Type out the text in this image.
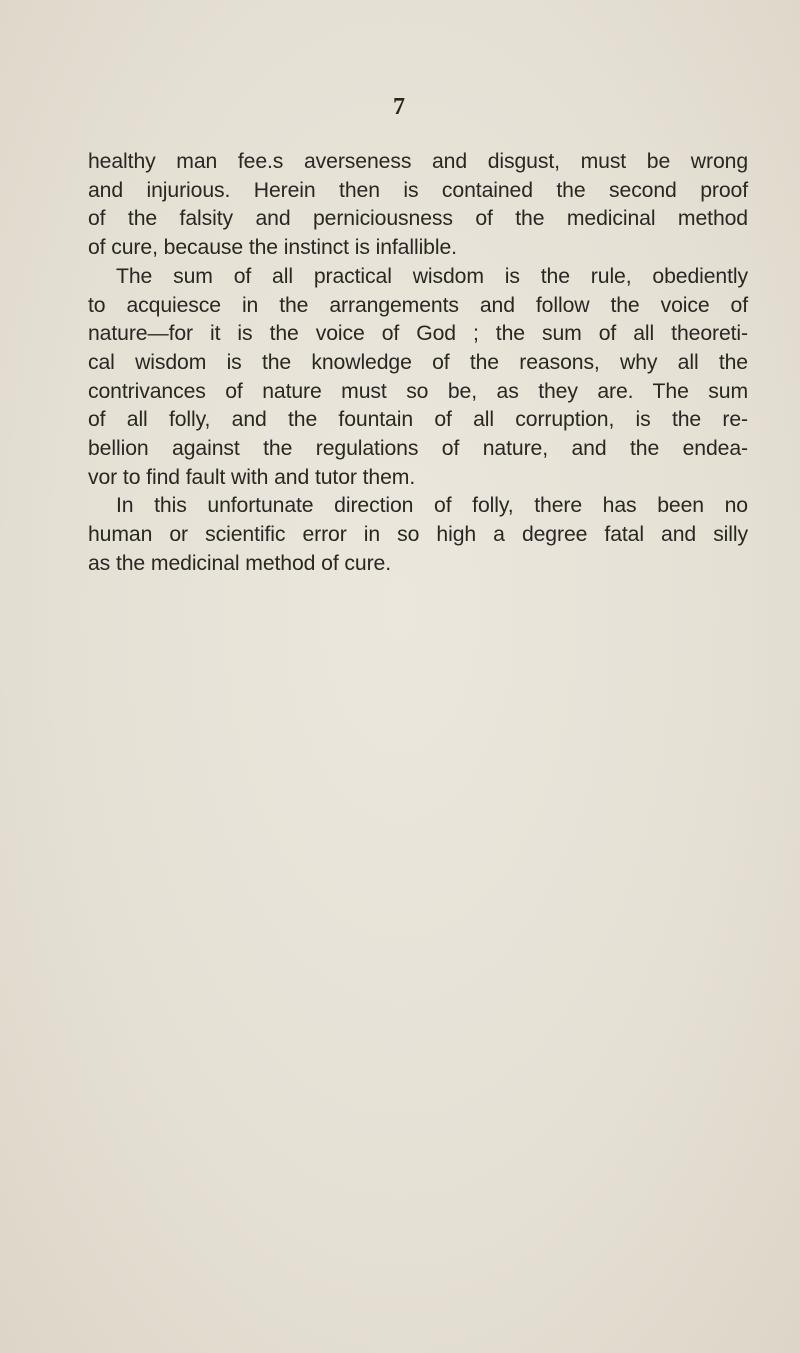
7
healthy man fee.s averseness and disgust, must be wrong
and injurious. Herein then is contained the second proof
of the falsity and perniciousness of the medicinal method
of cure, because the instinct is infallible.
The sum of all practical wisdom is the rule, obediently
to acquiesce in the arrangements and follow the voice of
nature—for it is the voice of God ; the sum of all theoreti-
cal wisdom is the knowledge of the reasons, why all the
contrivances of nature must so be, as they are. The sum
of all folly, and the fountain of all corruption, is the re-
bellion against the regulations of nature, and the endea-
vor to find fault with and tutor them.
In this unfortunate direction of folly, there has been no
human or scientific error in so high a degree fatal and silly
as the medicinal method of cure.
